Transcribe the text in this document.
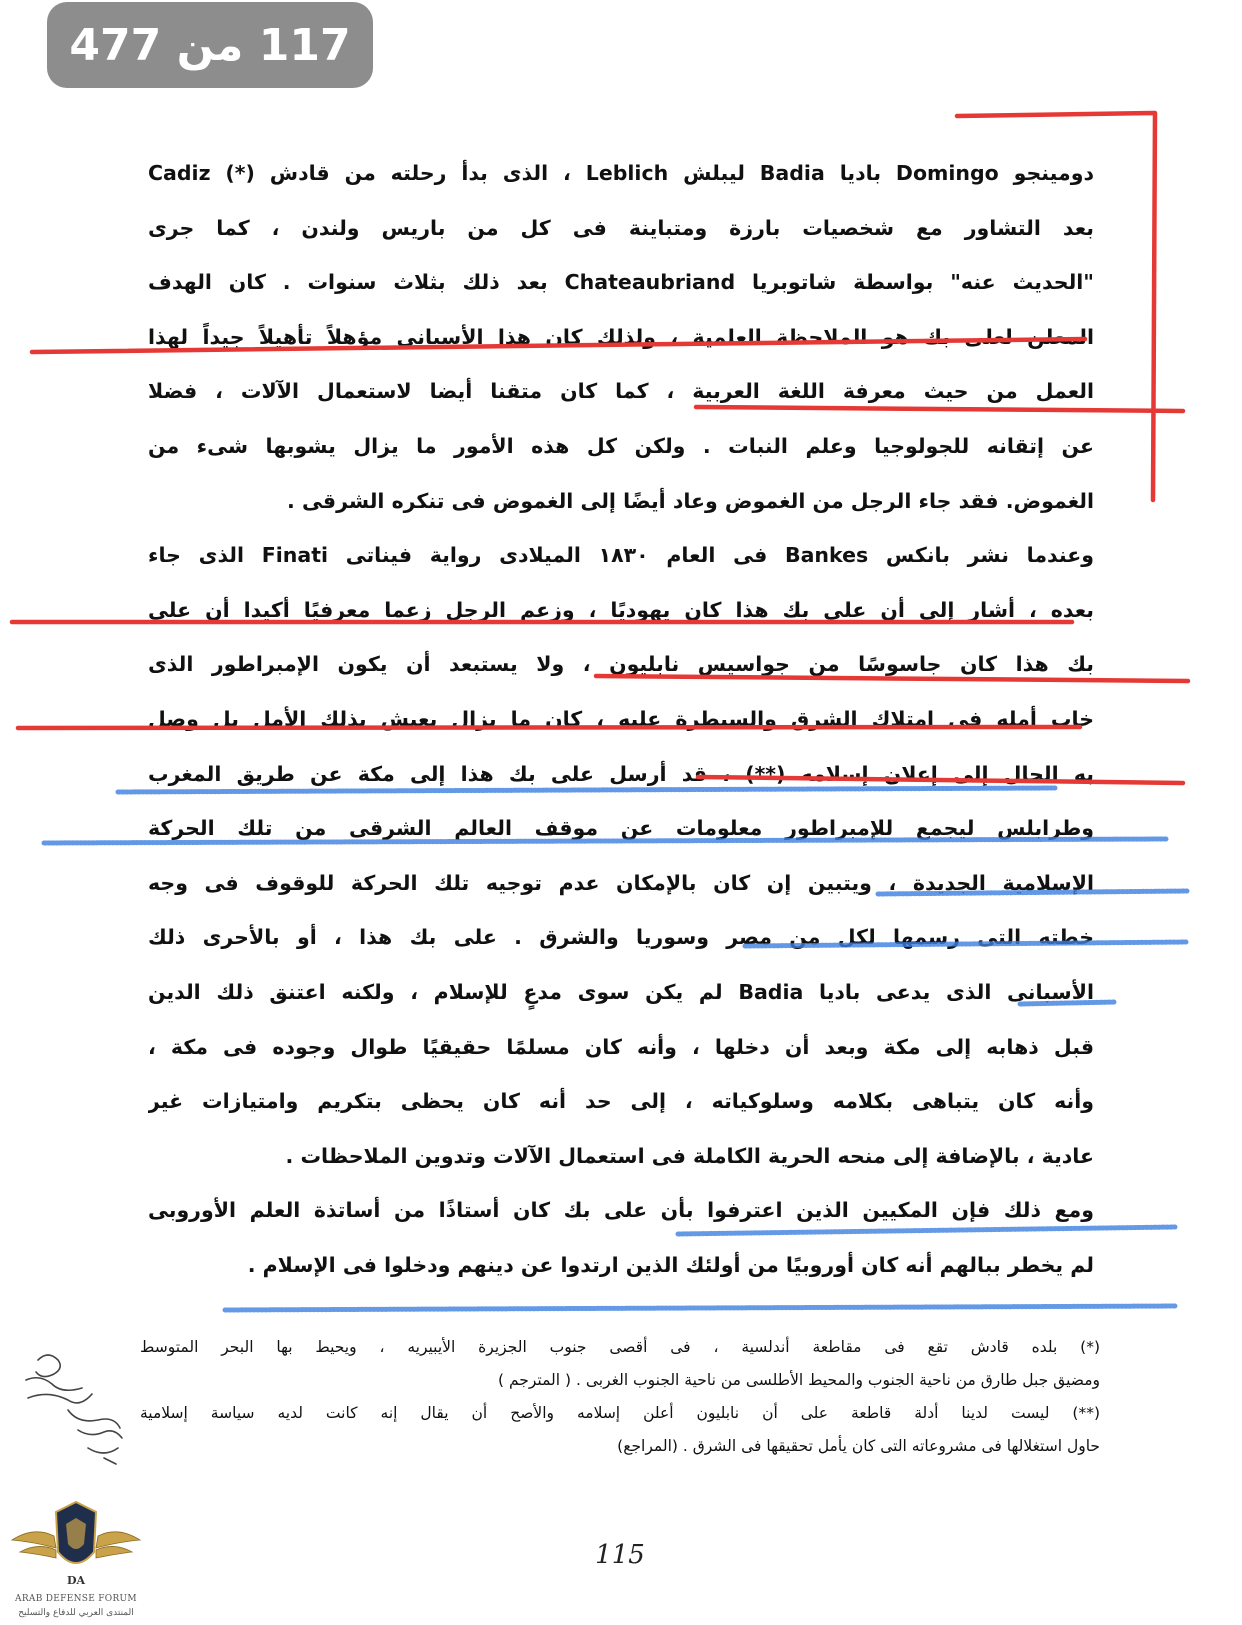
117 من 477
دومينجو Domingo باديا Badia ليبلش Leblich ، الذى بدأ رحلته من قادش (*) Cadiz
بعد التشاور مع شخصيات بارزة ومتباينة فى كل من باريس ولندن ، كما جرى
"الحديث عنه" بواسطة شاتوبريا Chateaubriand بعد ذلك بثلاث سنوات . كان الهدف
المعلن لعلى بك هو الملاحظة العلمية ، ولذلك كان هذا الأسبانى مؤهلاً تأهيلاً جيداً لهذا
العمل من حيث معرفة اللغة العربية ، كما كان متقنا أيضا لاستعمال الآلات ، فضلا
عن إتقانه للجولوجيا وعلم النبات . ولكن كل هذه الأمور ما يزال يشوبها شىء من
الغموض. فقد جاء الرجل من الغموض وعاد أيضًا إلى الغموض فى تنكره الشرقى .
وعندما نشر بانكس Bankes فى العام ١٨٣٠ الميلادى رواية فيناتى Finati الذى جاء
بعده ، أشار إلى أن على بك هذا كان يهوديًا ، وزعم الرجل زعما معرفيًا أكيدا أن على
بك هذا كان جاسوسًا من جواسيس نابليون ، ولا يستبعد أن يكون الإمبراطور الذى
خاب أمله فى امتلاك الشرق والسيطرة عليه ، كان ما يزال يعيش بذلك الأمل بل وصل
به الحال إلى إعلان إسلامه (**) ، قد أرسل على بك هذا إلى مكة عن طريق المغرب
وطرابلس ليجمع للإمبراطور معلومات عن موقف العالم الشرقى من تلك الحركة
الإسلامية الجديدة ، ويتبين إن كان بالإمكان عدم توجيه تلك الحركة للوقوف فى وجه
خطته التى رسمها لكل من مصر وسوريا والشرق . على بك هذا ، أو بالأحرى ذلك
الأسبانى الذى يدعى باديا Badia لم يكن سوى مدعٍ للإسلام ، ولكنه اعتنق ذلك الدين
قبل ذهابه إلى مكة وبعد أن دخلها ، وأنه كان مسلمًا حقيقيًا طوال وجوده فى مكة ،
وأنه كان يتباهى بكلامه وسلوكياته ، إلى حد أنه كان يحظى بتكريم وامتيازات غير
عادية ، بالإضافة إلى منحه الحرية الكاملة فى استعمال الآلات وتدوين الملاحظات .
ومع ذلك فإن المكيين الذين اعترفوا بأن على بك كان أستاذًا من أساتذة العلم الأوروبى
لم يخطر ببالهم أنه كان أوروبيًا من أولئك الذين ارتدوا عن دينهم ودخلوا فى الإسلام .
(*) بلده قادش تقع فى مقاطعة أندلسية ، فى أقصى جنوب الجزيرة الأيبيريه ، ويحيط بها البحر المتوسط
ومضيق جبل طارق من ناحية الجنوب والمحيط الأطلسى من ناحية الجنوب الغربى . ( المترجم )
(**) ليست لدينا أدلة قاطعة على أن نابليون أعلن إسلامه والأصح أن يقال إنه كانت لديه سياسة إسلامية
حاول استغلالها فى مشروعاته التى كان يأمل تحقيقها فى الشرق . (المراجع)
115
DA
ARAB DEFENSE FORUM
المنتدى العربي للدفاع والتسليح
